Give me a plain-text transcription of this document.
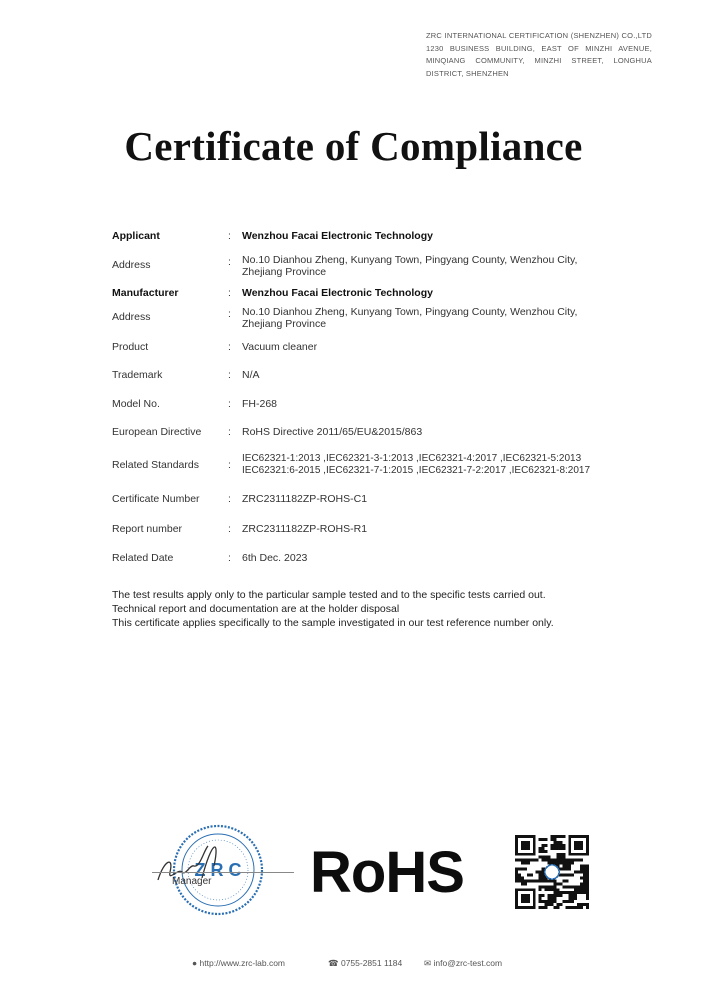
ZRC INTERNATIONAL CERTIFICATION (SHENZHEN) CO.,LTD
1230 BUSINESS BUILDING, EAST OF MINZHI AVENUE,
MINQIANG COMMUNITY, MINZHI STREET, LONGHUA
DISTRICT, SHENZHEN
Certificate of Compliance
Applicant	: Wenzhou Facai Electronic Technology
Address	: No.10 Dianhou Zheng, Kunyang Town, Pingyang County, Wenzhou City,
Zhejiang Province
Manufacturer	: Wenzhou Facai Electronic Technology
Address	: No.10 Dianhou Zheng, Kunyang Town, Pingyang County, Wenzhou City,
Zhejiang Province
Product	: Vacuum cleaner
Trademark	: N/A
Model No.	: FH-268
European Directive	: RoHS Directive 2011/65/EU&2015/863
Related Standards	:
IEC62321-1:2013 ,IEC62321-3-1:2013 ,IEC62321-4:2017 ,IEC62321-5:2013
IEC62321:6-2015 ,IEC62321-7-1:2015 ,IEC62321-7-2:2017 ,IEC62321-8:2017
Certificate Number	: ZRC2311182ZP-ROHS-C1
Report number	: ZRC2311182ZP-ROHS-R1
Related Date	: 6th Dec. 2023
The test results apply only to the particular sample tested and to the specific tests carried out.
Technical report and documentation are at the holder disposal
This certificate applies specifically to the sample investigated in our test reference number only.
Z R C
Manager RoHS
● http://www.zrc-lab.com	☎ 0755-2851 1184	✉ info@zrc-test.com
